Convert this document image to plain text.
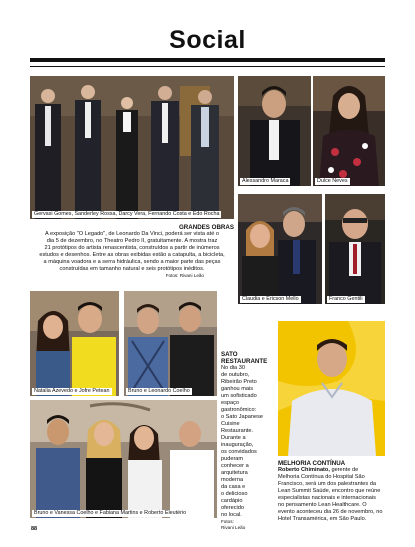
Social
Gervasi Gomes, Sanderley Rossa, Darcy Vera, Fernando Costa e Edo Rocha
Alessandro Maraca	Dulce Neves
Claudia e Ericson Mello	Franco Gentili
GRANDES OBRAS
A exposição "O Legado", de Leonardo Da Vinci, poderá ser vista até o
dia 5 de dezembro, no Theatro Pedro II, gratuitamente. A mostra traz
21 protótipos do artista renascentista, construídos a partir de inúmeros
estudos e desenhos. Entre as obras exibidas estão a catapulta, a bicicleta,
a máquina voadora e a serra hidráulica, sendo a maior parte das peças
construídas em tamanho natural e seis protótipos inéditos.
Fotos: Rivani Leão
Natalia Azevedo e Jofre Petean	Bruno e Leonardo Coelho
SATO
RESTAURANTE
No dia 30
de outubro,
Ribeirão Preto
ganhou mais
um sofisticado
espaço
gastronômico:
o Sato Japanese
Cuisine
Restaurante.
Durante a
inauguração,
os convidados
puderam
conhecer a
arquitetura
moderna
da casa e
o delicioso
cardápio
oferecido
no local.
Fotos:
Rivani Leão
Bruno e Vanessa Coelho e Fabiana Martins e Roberto Eleutério
MELHORIA CONTÍNUA
Roberto Chiminato, gerente de
Melhoria Contínua do Hospital São
Francisco, será um dos palestrantes da
Lean Summit Saúde, encontro que reúne
especialistas nacionais e internacionais
no pensamento Lean Healthcare. O
evento aconteceu dia 26 de novembro, no
Hotel Transamérica, em São Paulo.
88
